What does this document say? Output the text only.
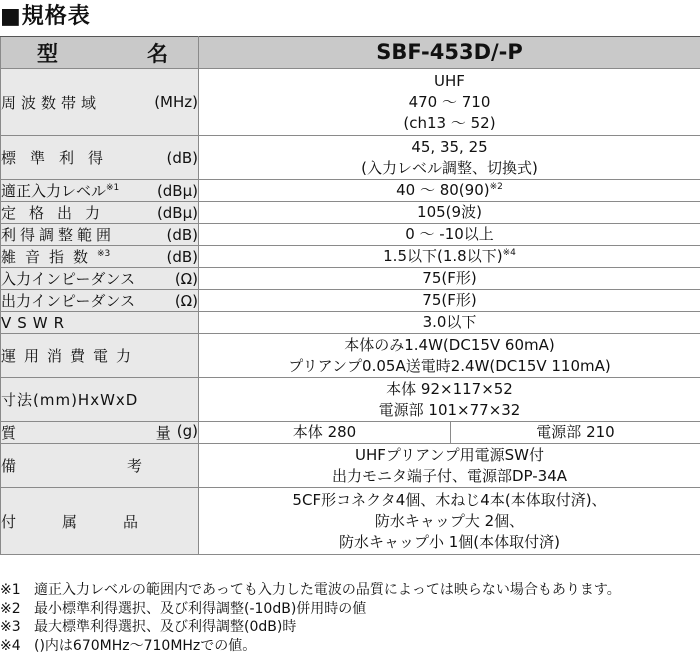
■規格表
型 名	SBF-453D/-P	

周波数帯域 (MHz)	UHF
470 ～ 710
(ch13 ～ 52)	

標準利得 (dB)	45, 35, 25
(入力レベル調整、切換式)	

適正入力レベル$^{※1}$ (dBμ)	40 ～ $80(90)^{※2}$

定格出力 (dBμ)	105(9波)	

利得調整範囲 (dB)	0 ～ -10以上	

雑音指数$^{※3}$ (dB)	1.5以下(1.8以下)$^{※4}$

入力インピーダンス (Ω)	75(F形)	

出力インピーダンス (Ω)	75(F形)	
VSWR	3.0以下	
運用消費電力	本体のみ1.4W(DC15V 60mA)
プリアンプ0.05A送電時2.4W(DC15V 110mA)	

寸法(mm)HxWxD	本体 92×117×52
電源部 101×77×32	

質 量 (g)	本体 280	電源部 210

備 考	UHFプリアンプ用電源SW付
出力モニタ端子付、電源部DP-34A	

付属品	5CF形コネクタ4個、木ねじ4本(本体取付済)、
防水キャップ大 2個、
防水キャップ小 1個(本体取付済)	
※1 適正入力レベルの範囲内であっても入力した電波の品質によっては映らない場合もあります。
※2 最小標準利得選択、及び利得調整(-10dB)併用時の値
※3 最大標準利得選択、及び利得調整(0dB)時
※4 ()内は670MHz～710MHzでの値。
